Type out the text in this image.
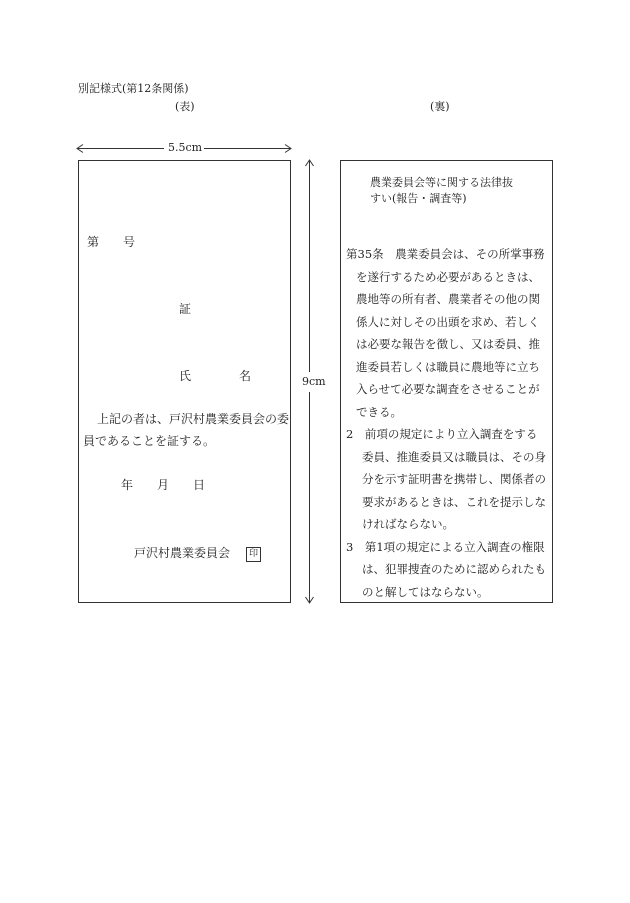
別記様式(第12条関係)
(表)	(裏)
5.5cm
9cm
第　　号
証
氏　　　　名
上記の者は、戸沢村農業委員会の委
員であることを証する。
年　　月　　日
戸沢村農業委員会 印
農業委員会等に関する法律抜
すい(報告・調査等)
第35条　農業委員会は、その所掌事務
を遂行するため必要があるときは、
農地等の所有者、農業者その他の関
係人に対しその出頭を求め、若しく
は必要な報告を徴し、又は委員、推
進委員若しくは職員に農地等に立ち
入らせて必要な調査をさせることが
できる。
2　前項の規定により立入調査をする
委員、推進委員又は職員は、その身
分を示す証明書を携帯し、関係者の
要求があるときは、これを提示しな
ければならない。
3　第1項の規定による立入調査の権限
は、犯罪捜査のために認められたも
のと解してはならない。
